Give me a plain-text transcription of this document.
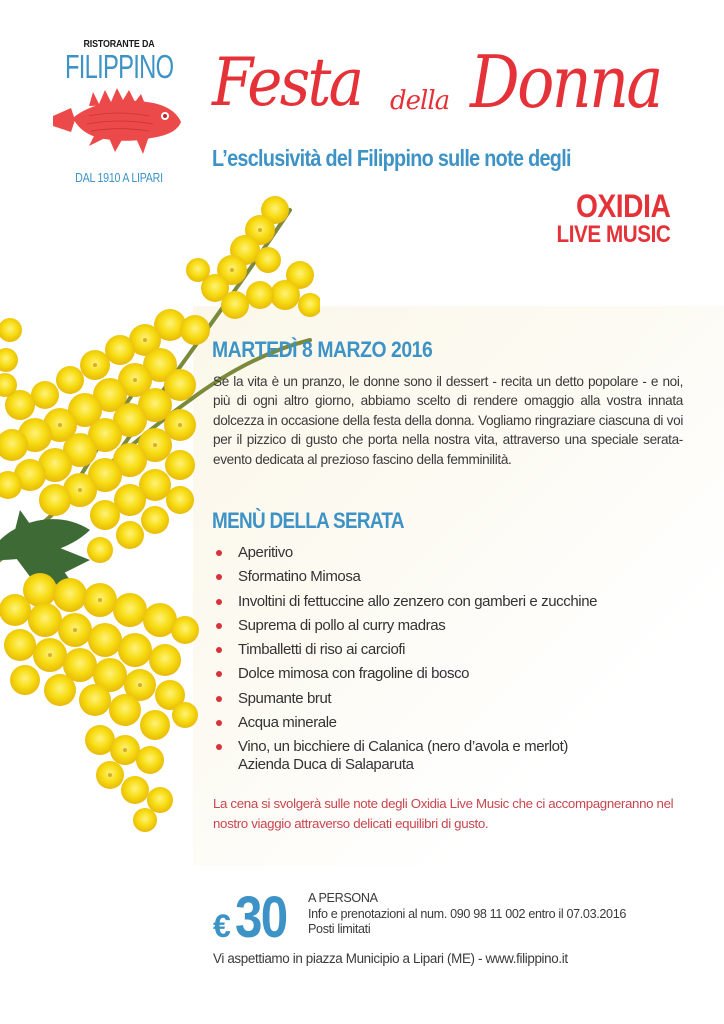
RISTORANTE DA
FILIPPINO
DAL 1910 A LIPARI
Festa della Donna
L’esclusività del Filippino sulle note degli
OXIDIA
LIVE MUSIC
MARTEDÌ 8 MARZO 2016

Se la vita è un pranzo, le donne sono il dessert - recita un detto popolare - e noi, più di ogni altro giorno, abbiamo scelto di rendere omaggio alla vostra innata dolcezza in occasione della festa della donna. Vogliamo ringraziare ciascuna di voi per il pizzico di gusto che porta nella nostra vita, attraverso una speciale serata-evento dedicata al prezioso fascino della femminilità.

MENÙ DELLA SERATA
Aperitivo
Sformatino Mimosa
Involtini di fettuccine allo zenzero con gamberi e zucchine
Suprema di pollo al curry madras
Timballetti di riso ai carciofi
Dolce mimosa con fragoline di bosco
Spumante brut
Acqua minerale
Vino, un bicchiere di Calanica (nero d’avola e merlot)
Azienda Duca di Salaparuta

La cena si svolgerà sulle note degli Oxidia Live Music che ci accompagneranno nel nostro viaggio attraverso delicati equilibri di gusto.

€30	A PERSONA
Info e prenotazioni al num. 090 98 11 002 entro il 07.03.2016
Posti limitati
Vi aspettiamo in piazza Municipio a Lipari (ME) - www.filippino.it
